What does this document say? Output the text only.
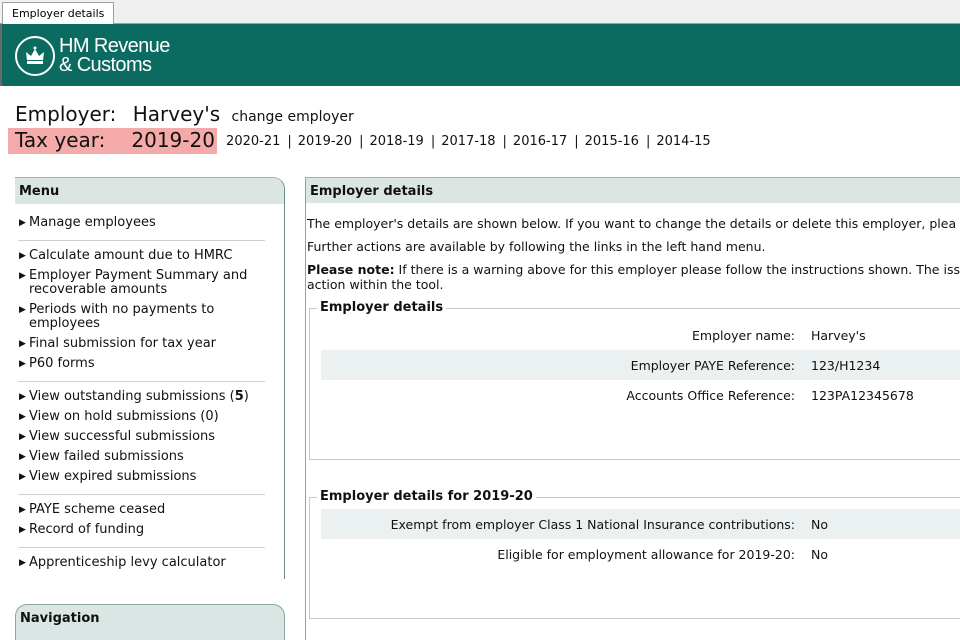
Employer details
HM Revenue
& Customs
Employer: Harvey's change employer
Tax year: 2019-20 2020-21 | 2019-20 | 2018-19 | 2017-18 | 2016-17 | 2015-16 | 2014-15
Menu
▶ Manage employees
▶ Calculate amount due to HMRC
▶ Employer Payment Summary and recoverable amounts
▶ Periods with no payments to employees
▶ Final submission for tax year
▶ P60 forms
▶ View outstanding submissions (5)
▶ View on hold submissions (0)
▶ View successful submissions
▶ View failed submissions
▶ View expired submissions
▶ PAYE scheme ceased
▶ Record of funding
▶ Apprenticeship levy calculator
Navigation
Employer details
The employer's details are shown below. If you want to change the details or delete this employer, plea
Further actions are available by following the links in the left hand menu.
Please note: If there is a warning above for this employer please follow the instructions shown. The iss
action within the tool.
Employer details
Employer name: Harvey's
Employer PAYE Reference: 123/H1234
Accounts Office Reference: 123PA12345678
Employer details for 2019-20
Exempt from employer Class 1 National Insurance contributions: No
Eligible for employment allowance for 2019-20: No
